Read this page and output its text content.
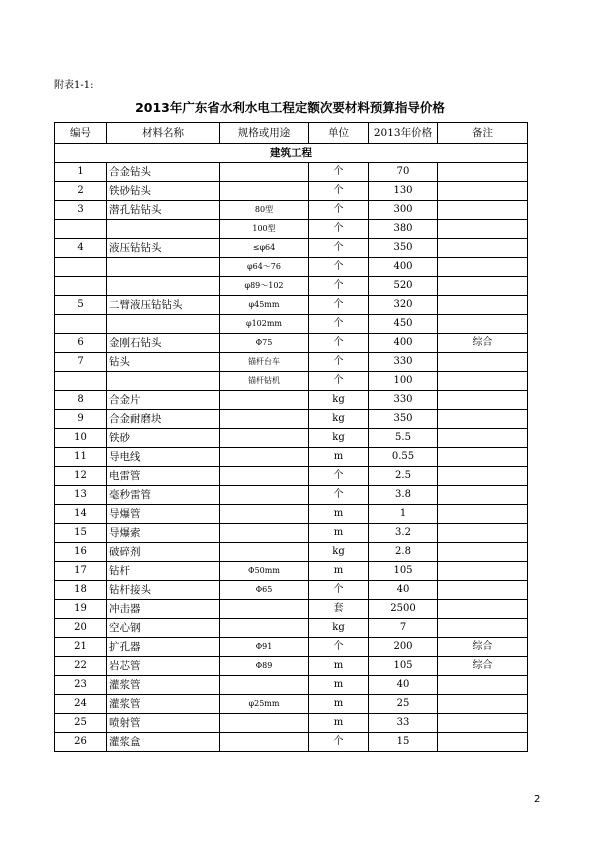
附表1-1:
2013年广东省水利水电工程定额次要材料预算指导价格
编号	材料名称	规格或用途	单位	2013年价格	备注
建筑工程					
1	合金钻头		个	70	
2	铁砂钻头		个	130	
3	潜孔钻钻头	80型	个	300	
		100型	个	380	
4	液压钻钻头	≤φ64	个	350	
		φ64～76	个	400	
		φ89～102	个	520	
5	二臂液压钻钻头	φ45mm	个	320	
		φ102mm	个	450	
6	金刚石钻头	Φ75	个	400	综合
7	钻头	锚杆台车	个	330	
		锚杆钻机	个	100	
8	合金片		kg	330	
9	合金耐磨块		kg	350	
10	铁砂		kg	5.5	
11	导电线		m	0.55	
12	电雷管		个	2.5	
13	毫秒雷管		个	3.8	
14	导爆管		m	1	
15	导爆索		m	3.2	
16	破碎剂		kg	2.8	
17	钻杆	Φ50mm	m	105	
18	钻杆接头	Φ65	个	40	
19	冲击器		套	2500	
20	空心钢		kg	7	
21	扩孔器	Φ91	个	200	综合
22	岩芯管	Φ89	m	105	综合
23	灌浆管		m	40	
24	灌浆管	φ25mm	m	25	
25	喷射管		m	33	
26	灌浆盒		个	15	
2
